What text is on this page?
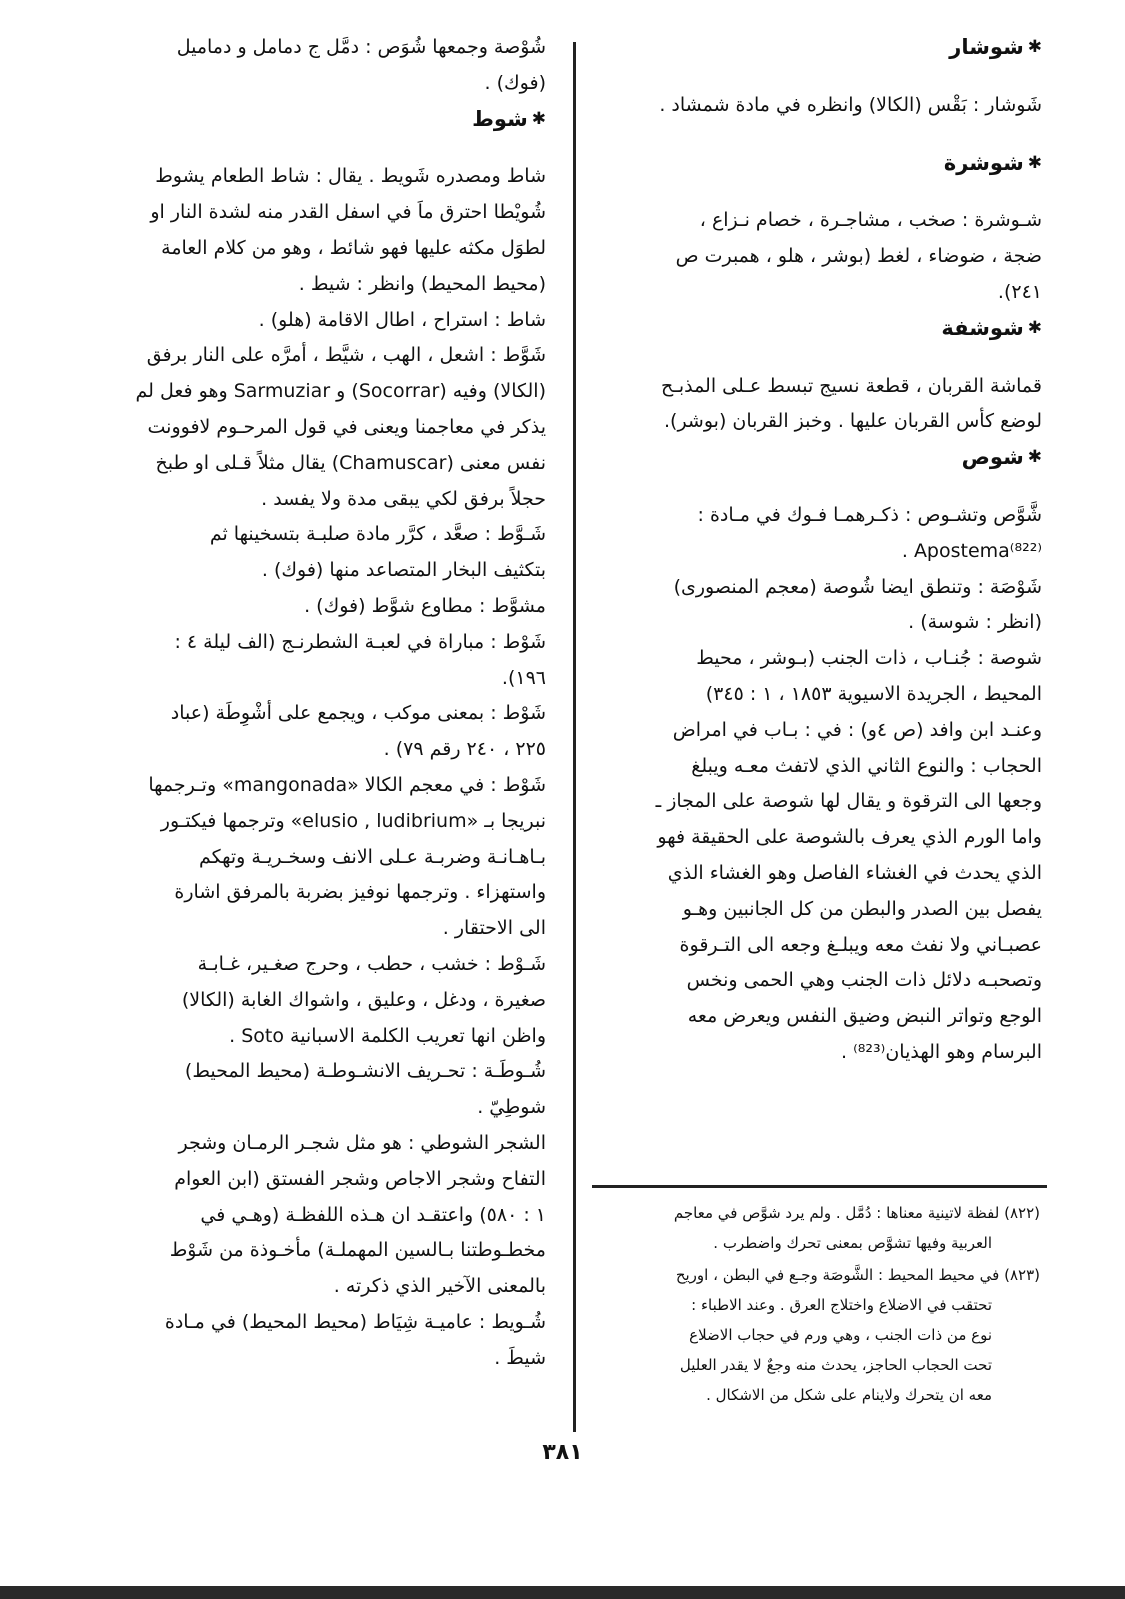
✱
شوشار

شَوشار : بَقْس (الكالا) وانظره في مادة شمشاد .

✱
شوشرة

شـوشرة : صخب ، مشاجـرة ، خصام نـزاع ،
ضجة ، ضوضاء ، لغط (بوشر ، هلو ، همبرت ص
٢٤١).

✱
شوشفة

قماشة القربان ، قطعة نسيج تبسط عـلى المذبـح
لوضع كأس القربان عليها . وخبز القربان (بوشر).

✱
شوص

شَّوَّص وتشـوص : ذكـرهمـا فـوك في مـادة :
Apostema⁽⁸²²⁾ .
شَوْصَة : وتنطق ايضا شُوصة (معجم المنصورى)
(انظر : شوسة) .
شوصة : جُنـاب ، ذات الجنب (بـوشر ، محيط
المحيط ، الجريدة الاسيوية ١٨٥٣ ، ١ : ٣٤٥)
وعنـد ابن وافد (ص ٤و) : في : بـاب في امراض
الحجاب : والنوع الثاني الذي لاتفث معـه ويبلغ
وجعها الى الترقوة و يقال لها شوصة على المجاز ـ
واما الورم الذي يعرف بالشوصة على الحقيقة فهو
الذي يحدث في الغشاء الفاصل وهو الغشاء الذي
يفصل بين الصدر والبطن من كل الجانبين وهـو
عصبـاني ولا نفث معه ويبلـغ وجعه الى التـرقوة
وتصحبـه دلائل ذات الجنب وهي الحمى ونخس
الوجع وتواتر النبض وضيق النفس ويعرض معه
البرسام وهو الهذيان⁽⁸²³⁾ .

(٨٢٢) لفظة لاتينية معناها : دُمَّل . ولم يرد شوَّص في معاجم
العربية وفيها تشوَّص بمعنى تحرك واضطرب .

(٨٢٣) في محيط المحيط : الشَّوصَة وجـع في البطن ، اوريح
تحتقب في الاضلاع واختلاج العرق . وعند الاطباء :
نوع من ذات الجنب ، وهي ورم في حجاب الاضلاع
تحت الحجاب الحاجز، يحدث منه وجعٌ لا يقدر العليل
معه ان يتحرك ولاينام على شكل من الاشكال .

شُوْصة وجمعها شُوَص : دمَّل ج دمامل و دماميل
(فوك) .

✱
شوط

شاط ومصدره شَويط . يقال : شاط الطعام يشوط
شُويْطا احترق ماَ في اسفل القدر منه لشدة النار او
لطوَل مكثه عليها فهو شائط ، وهو من كلام العامة
(محيط المحيط) وانظر : شيط .
شاط : استراح ، اطال الاقامة (هلو) .
شَوَّط : اشعل ، الهب ، شيَّط ، أمرَّه على النار برفق
(الكالا) وفيه (Socorrar) و Sarmuziar وهو فعل لم
يذكر في معاجمنا ويعنى في قول المرحـوم لافوونت
نفس معنى (Chamuscar) يقال مثلاً قـلى او طبخ
حجلاً برفق لكي يبقى مدة ولا يفسد .
شَـوَّط : صعَّد ، كرَّر مادة صلبـة بتسخينها ثم
بتكثيف البخار المتصاعد منها (فوك) .
مشوَّط : مطاوع شوَّط (فوك) .
شَوْط : مباراة في لعبـة الشطرنـج (الف ليلة ٤ :
١٩٦).
شَوْط : بمعنى موكب ، ويجمع على أشْوِطَة (عباد
٢٢٥ ، ٢٤٠ رقم ٧٩) .
شَوْط : في معجم الكالا «mangonada» وتـرجمها
نبريجا بـ «elusio , ludibrium» وترجمها فيكتـور
بـاهـانـة وضربـة عـلى الانف وسخـريـة وتهكم
واستهزاء . وترجمها نوفيز بضربة بالمرفق اشارة
الى الاحتقار .
شَـوْط : خشب ، حطب ، وحرج صغـير، غـابـة
صغيرة ، ودغل ، وعليق ، واشواك الغابة (الكالا)
واظن انها تعريب الكلمة الاسبانية Soto .
شُـوطَـة : تحـريف الانشـوطـة (محيط المحيط)
شوطِيّ .
الشجر الشوطي : هو مثل شجـر الرمـان وشجر
التفاح وشجر الاجاص وشجر الفستق (ابن العوام
١ : ٥٨٠) واعتقـد ان هـذه اللفظـة (وهـي في
مخطـوطتنا بـالسين المهملـة) مأخـوذة من شَوْط
بالمعنى الآخير الذي ذكرته .
شُـويط : عاميـة شِيَاط (محيط المحيط) في مـادة
شيطَ .

٣٨١
